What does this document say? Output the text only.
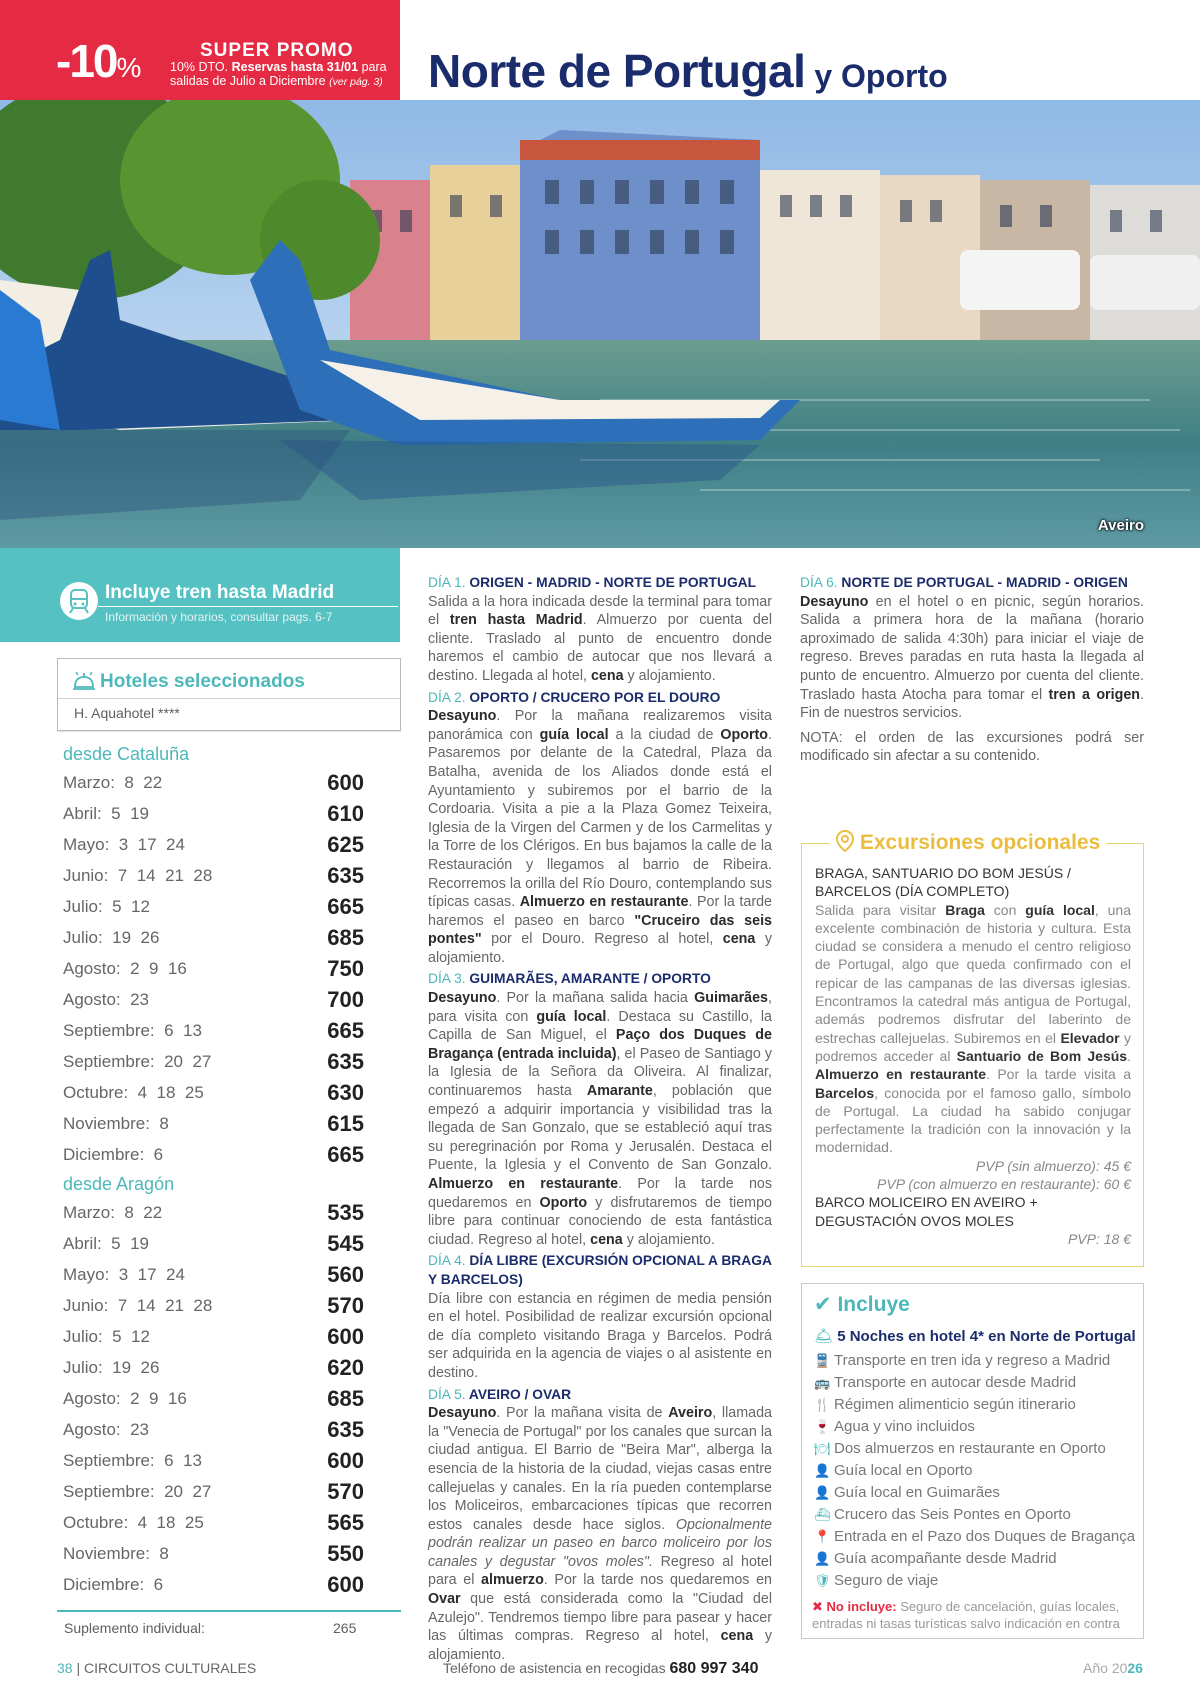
-10%
SUPER PROMO
10% DTO. Reservas hasta 31/01 para
salidas de Julio a Diciembre (ver pág. 3) Norte de Portugal y Oporto
Aveiro
Incluye tren hasta Madrid
Información y horarios, consultar pags. 6-7
Hoteles seleccionados
H. Aquahotel ****
desde Cataluña
Marzo:  8  22	600
Abril:  5  19	610
Mayo:  3  17  24	625
Junio:  7  14  21  28	635
Julio:  5  12	665
Julio:  19  26	685
Agosto:  2  9  16	750
Agosto:  23	700
Septiembre:  6  13	665
Septiembre:  20  27	635
Octubre:  4  18  25	630
Noviembre:  8	615
Diciembre:  6	665
desde Aragón
Marzo:  8  22	535
Abril:  5  19	545
Mayo:  3  17  24	560
Junio:  7  14  21  28	570
Julio:  5  12	600
Julio:  19  26	620
Agosto:  2  9  16	685
Agosto:  23	635
Septiembre:  6  13	600
Septiembre:  20  27	570
Octubre:  4  18  25	565
Noviembre:  8	550
Diciembre:  6	600
Suplemento individual:	265

DÍA 1. ORIGEN - MADRID - NORTE DE PORTUGAL

Salida a la hora indicada desde la terminal para tomar el tren hasta Madrid. Almuerzo por cuenta del cliente. Traslado al punto de encuentro donde haremos el cambio de autocar que nos llevará a destino. Llegada al hotel, cena y alojamiento.

DÍA 2. OPORTO / CRUCERO POR EL DOURO

Desayuno. Por la mañana realizaremos visita panorámica con guía local a la ciudad de Oporto. Pasaremos por delante de la Catedral, Plaza da Batalha, avenida de los Aliados donde está el Ayuntamiento y subiremos por el barrio de la Cordoaria. Visita a pie a la Plaza Gomez Teixeira, Iglesia de la Virgen del Carmen y de los Carmelitas y la Torre de los Clérigos. En bus bajamos la calle de la Restauración y llegamos al barrio de Ribeira. Recorremos la orilla del Río Douro, contemplando sus típicas casas. Almuerzo en restaurante. Por la tarde haremos el paseo en barco "Cruceiro das seis pontes" por el Douro. Regreso al hotel, cena y alojamiento.

DÍA 3. GUIMARÃES, AMARANTE / OPORTO

Desayuno. Por la mañana salida hacia Guimarães, para visita con guía local. Destaca su Castillo, la Capilla de San Miguel, el Paço dos Duques de Bragança (entrada incluida), el Paseo de Santiago y la Iglesia de la Señora da Oliveira. Al finalizar, continuaremos hasta Amarante, población que empezó a adquirir importancia y visibilidad tras la llegada de San Gonzalo, que se estableció aquí tras su peregrinación por Roma y Jerusalén. Destaca el Puente, la Iglesia y el Convento de San Gonzalo. Almuerzo en restaurante. Por la tarde nos quedaremos en Oporto y disfrutaremos de tiempo libre para continuar conociendo de esta fantástica ciudad. Regreso al hotel, cena y alojamiento.

DÍA 4. DÍA LIBRE (EXCURSIÓN OPCIONAL A BRAGA Y BARCELOS)

Día libre con estancia en régimen de media pensión en el hotel. Posibilidad de realizar excursión opcional de día completo visitando Braga y Barcelos. Podrá ser adquirida en la agencia de viajes o al asistente en destino.

DÍA 5. AVEIRO / OVAR

Desayuno. Por la mañana visita de Aveiro, llamada la "Venecia de Portugal" por los canales que surcan la ciudad antigua. El Barrio de "Beira Mar", alberga la esencia de la historia de la ciudad, viejas casas entre callejuelas y canales. En la ría pueden contemplarse los Moliceiros, embarcaciones típicas que recorren estos canales desde hace siglos. Opcionalmente podrán realizar un paseo en barco moliceiro por los canales y degustar "ovos moles". Regreso al hotel para el almuerzo. Por la tarde nos quedaremos en Ovar que está considerada como la "Ciudad del Azulejo". Tendremos tiempo libre para pasear y hacer las últimas compras. Regreso al hotel, cena y alojamiento.

DÍA 6. NORTE DE PORTUGAL - MADRID - ORIGEN

Desayuno en el hotel o en picnic, según horarios. Salida a primera hora de la mañana (horario aproximado de salida 4:30h) para iniciar el viaje de regreso. Breves paradas en ruta hasta la llegada al punto de encuentro. Almuerzo por cuenta del cliente. Traslado hasta Atocha para tomar el tren a origen. Fin de nuestros servicios.

NOTA: el orden de las excursiones podrá ser modificado sin afectar a su contenido.

Excursiones opcionales

BRAGA, SANTUARIO DO BOM JESÚS / BARCELOS (DÍA COMPLETO)

Salida para visitar Braga con guía local, una excelente combinación de historia y cultura. Esta ciudad se considera a menudo el centro religioso de Portugal, algo que queda confirmado con el repicar de las campanas de las diversas iglesias. Encontramos la catedral más antigua de Portugal, además podremos disfrutar del laberinto de estrechas callejuelas. Subiremos en el Elevador y podremos acceder al Santuario de Bom Jesús. Almuerzo en restaurante. Por la tarde visita a Barcelos, conocida por el famoso gallo, símbolo de Portugal. La ciudad ha sabido conjugar perfectamente la tradición con la innovación y la modernidad.

PVP (sin almuerzo): 45 €

PVP (con almuerzo en restaurante): 60 €

BARCO MOLICEIRO EN AVEIRO + DEGUSTACIÓN OVOS MOLES

PVP: 18 €

✔ Incluye
🛎 5 Noches en hotel 4* en Norte de Portugal
🚆 Transporte en tren ida y regreso a Madrid
🚌 Transporte en autocar desde Madrid
🍴 Régimen alimenticio según itinerario
🍷 Agua y vino incluidos
🍽 Dos almuerzos en restaurante en Oporto
👤 Guía local en Oporto
👤 Guía local en Guimarães
⛴ Crucero das Seis Pontes en Oporto
📍 Entrada en el Pazo dos Duques de Bragança
👤 Guía acompañante desde Madrid
🛡 Seguro de viaje
✖ No incluye: Seguro de cancelación, guías locales, entradas ni tasas turísticas salvo indicación en contra
38 | CIRCUITOS CULTURALES	Teléfono de asistencia en recogidas 680 997 340	Año 2026
